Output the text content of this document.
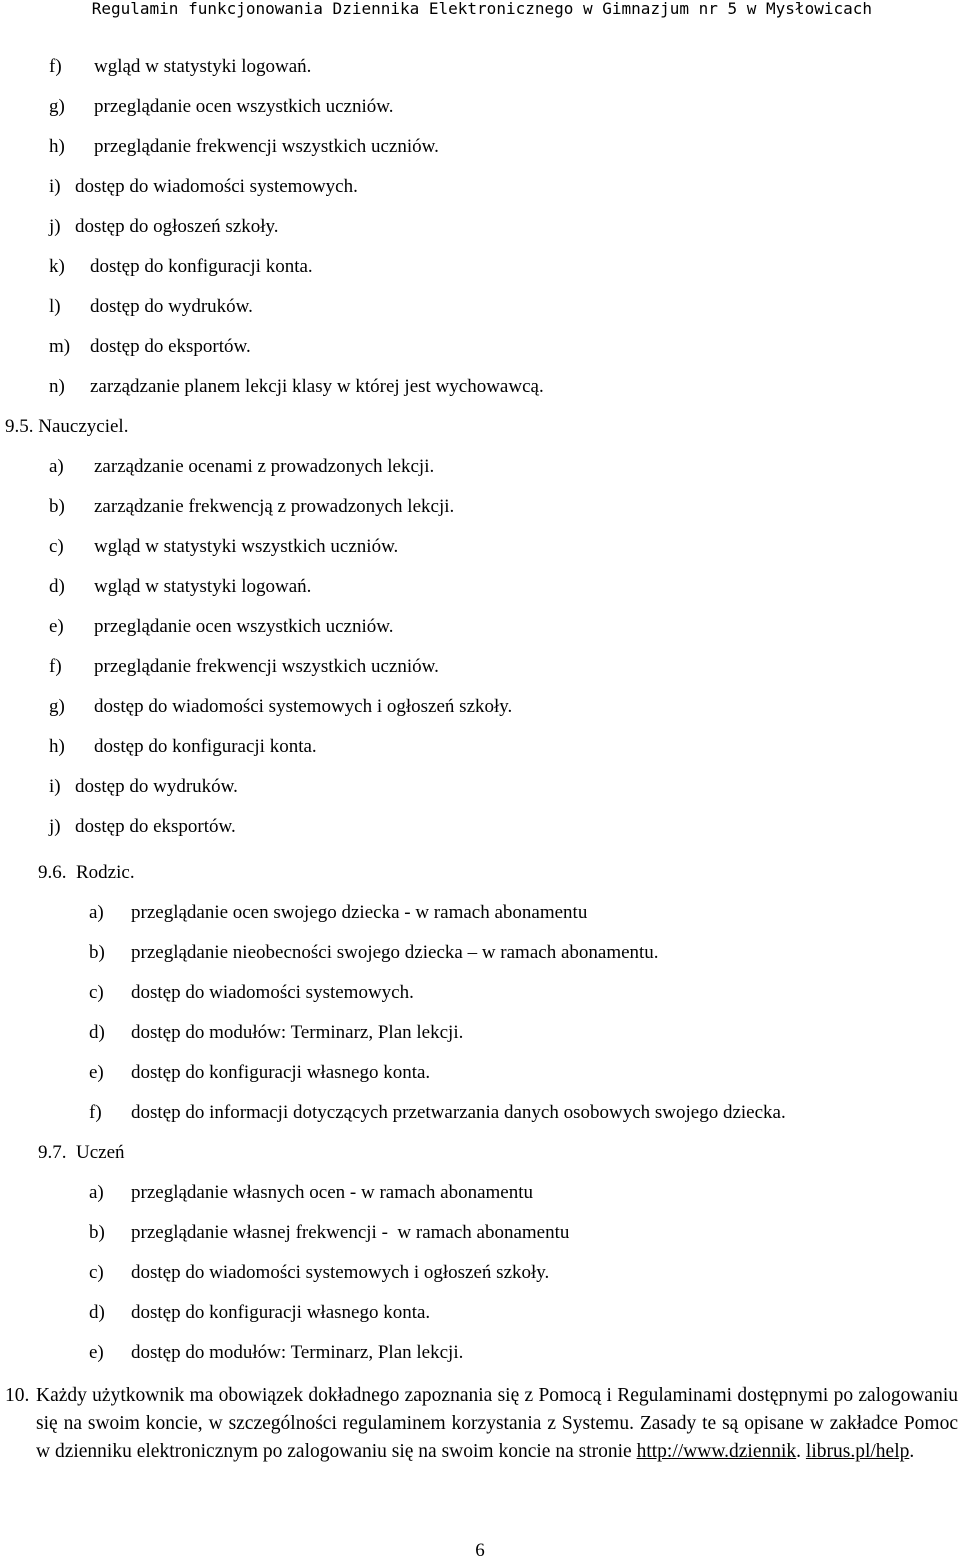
Regulamin funkcjonowania Dziennika Elektronicznego w Gimnazjum nr 5 w Mysłowicach
f) wgląd w statystyki logowań.
g) przeglądanie ocen wszystkich uczniów.
h) przeglądanie frekwencji wszystkich uczniów.
i) dostęp do wiadomości systemowych.
j) dostęp do ogłoszeń szkoły.
k) dostęp do konfiguracji konta.
l) dostęp do wydruków.
m) dostęp do eksportów.
n) zarządzanie planem lekcji klasy w której jest wychowawcą.
9.5. Nauczyciel.
a) zarządzanie ocenami z prowadzonych lekcji.
b) zarządzanie frekwencją z prowadzonych lekcji.
c) wgląd w statystyki wszystkich uczniów.
d) wgląd w statystyki logowań.
e) przeglądanie ocen wszystkich uczniów.
f) przeglądanie frekwencji wszystkich uczniów.
g) dostęp do wiadomości systemowych i ogłoszeń szkoły.
h) dostęp do konfiguracji konta.
i) dostęp do wydruków.
j) dostęp do eksportów.
9.6.  Rodzic.
a) przeglądanie ocen swojego dziecka - w ramach abonamentu
b) przeglądanie nieobecności swojego dziecka – w ramach abonamentu.
c) dostęp do wiadomości systemowych.
d) dostęp do modułów: Terminarz, Plan lekcji.
e) dostęp do konfiguracji własnego konta.
f) dostęp do informacji dotyczących przetwarzania danych osobowych swojego dziecka.
9.7.  Uczeń
a) przeglądanie własnych ocen - w ramach abonamentu
b) przeglądanie własnej frekwencji -  w ramach abonamentu
c) dostęp do wiadomości systemowych i ogłoszeń szkoły.
d) dostęp do konfiguracji własnego konta.
e) dostęp do modułów: Terminarz, Plan lekcji.
10. Każdy użytkownik ma obowiązek dokładnego zapoznania się z Pomocą i Regulaminami dostępnymi po zalogowaniu się na swoim koncie, w szczególności regulaminem korzystania z Systemu. Zasady te są opisane w zakładce Pomoc w dzienniku elektronicznym po zalogowaniu się na swoim koncie na stronie http://www.dziennik. librus.pl/help.
6
